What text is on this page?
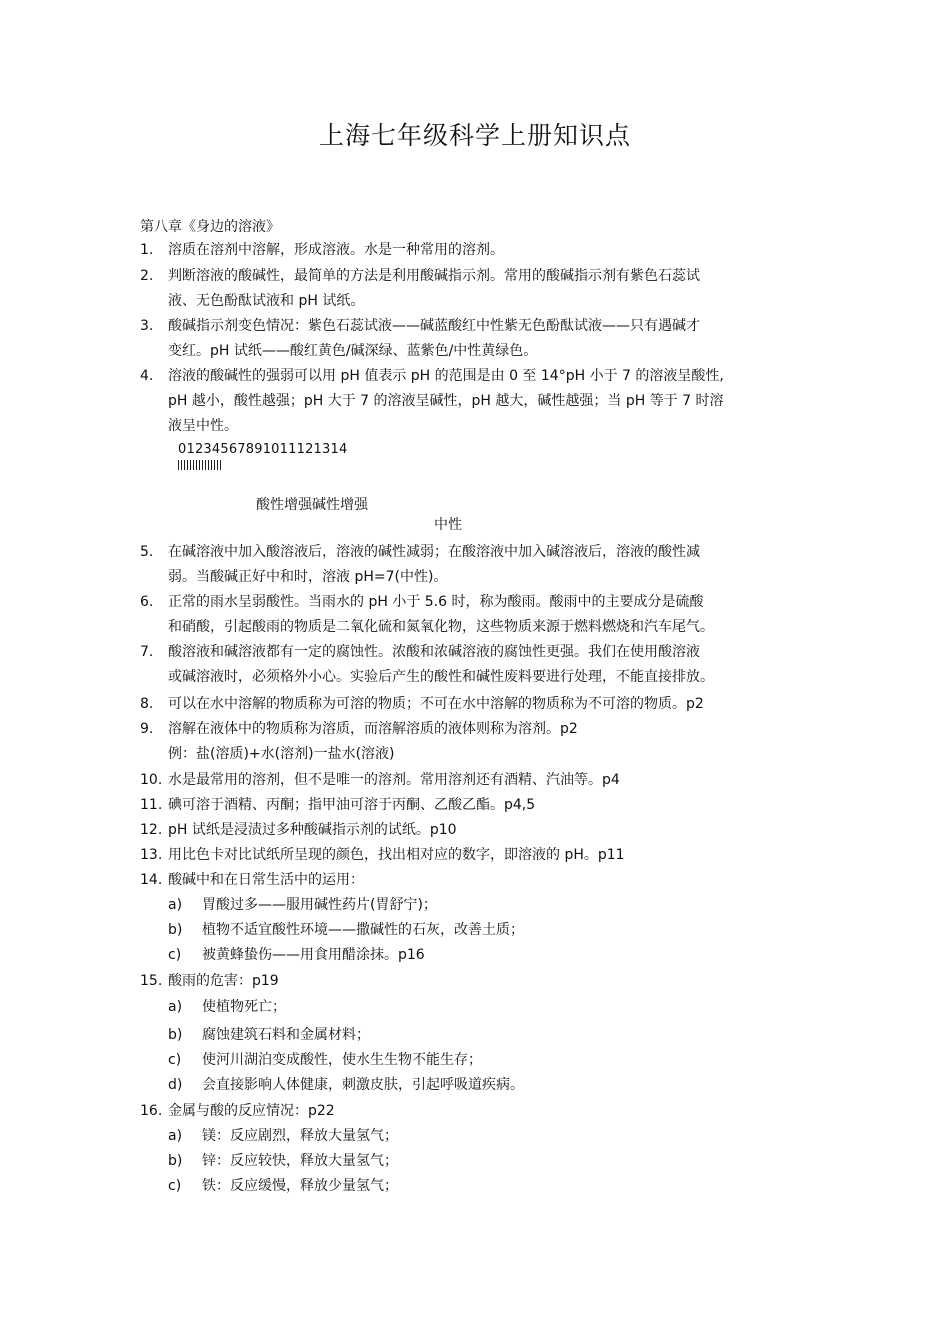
上海七年级科学上册知识点
第八章《身边的溶液》
1.	溶质在溶剂中溶解，形成溶液。水是一种常用的溶剂。
2.	判断溶液的酸碱性，最简单的方法是利用酸碱指示剂。常用的酸碱指示剂有紫色石蕊试
液、无色酚酞试液和 pH 试纸。
3.	酸碱指示剂变色情况：紫色石蕊试液——碱蓝酸红中性紫无色酚酞试液——只有遇碱才
变红。pH 试纸——酸红黄色/碱深绿、蓝紫色/中性黄绿色。
4.	溶液的酸碱性的强弱可以用 pH 值表示 pH 的范围是由 0 至 14°pH 小于 7 的溶液呈酸性,
pH 越小，酸性越强；pH 大于 7 的溶液呈碱性，pH 越大，碱性越强；当 pH 等于 7 时溶
液呈中性。
01234567891011121314
酸性增强碱性增强
中性
5.	在碱溶液中加入酸溶液后，溶液的碱性减弱；在酸溶液中加入碱溶液后，溶液的酸性减
弱。当酸碱正好中和时，溶液 pH=7(中性)。
6.	正常的雨水呈弱酸性。当雨水的 pH 小于 5.6 时，称为酸雨。酸雨中的主要成分是硫酸
和硝酸，引起酸雨的物质是二氧化硫和氮氧化物，这些物质来源于燃料燃烧和汽车尾气。
7.	酸溶液和碱溶液都有一定的腐蚀性。浓酸和浓碱溶液的腐蚀性更强。我们在使用酸溶液
或碱溶液时，必须格外小心。实验后产生的酸性和碱性废料要进行处理，不能直接排放。
8.	可以在水中溶解的物质称为可溶的物质；不可在水中溶解的物质称为不可溶的物质。p2
9.	溶解在液体中的物质称为溶质，而溶解溶质的液体则称为溶剂。p2
例：盐(溶质)+水(溶剂)一盐水(溶液)
10. 水是最常用的溶剂，但不是唯一的溶剂。常用溶剂还有酒精、汽油等。p4
11. 碘可溶于酒精、丙酮；指甲油可溶于丙酮、乙酸乙酯。p4,5
12. pH 试纸是浸渍过多种酸碱指示剂的试纸。p10
13. 用比色卡对比试纸所呈现的颜色，找出相对应的数字，即溶液的 pH。p11
14. 酸碱中和在日常生活中的运用：
a) 胃酸过多——服用碱性药片(胃舒宁)；
b) 植物不适宜酸性环境——撒碱性的石灰，改善土质；
c) 被黄蜂蛰伤——用食用醋涂抹。p16
15. 酸雨的危害：p19
a) 使植物死亡；
b) 腐蚀建筑石料和金属材料；
c) 使河川湖泊变成酸性，使水生生物不能生存；
d) 会直接影响人体健康，刺激皮肤，引起呼吸道疾病。
16. 金属与酸的反应情况：p22
a) 镁：反应剧烈，释放大量氢气；
b) 锌：反应较快，释放大量氢气；
c) 铁：反应缓慢，释放少量氢气；
